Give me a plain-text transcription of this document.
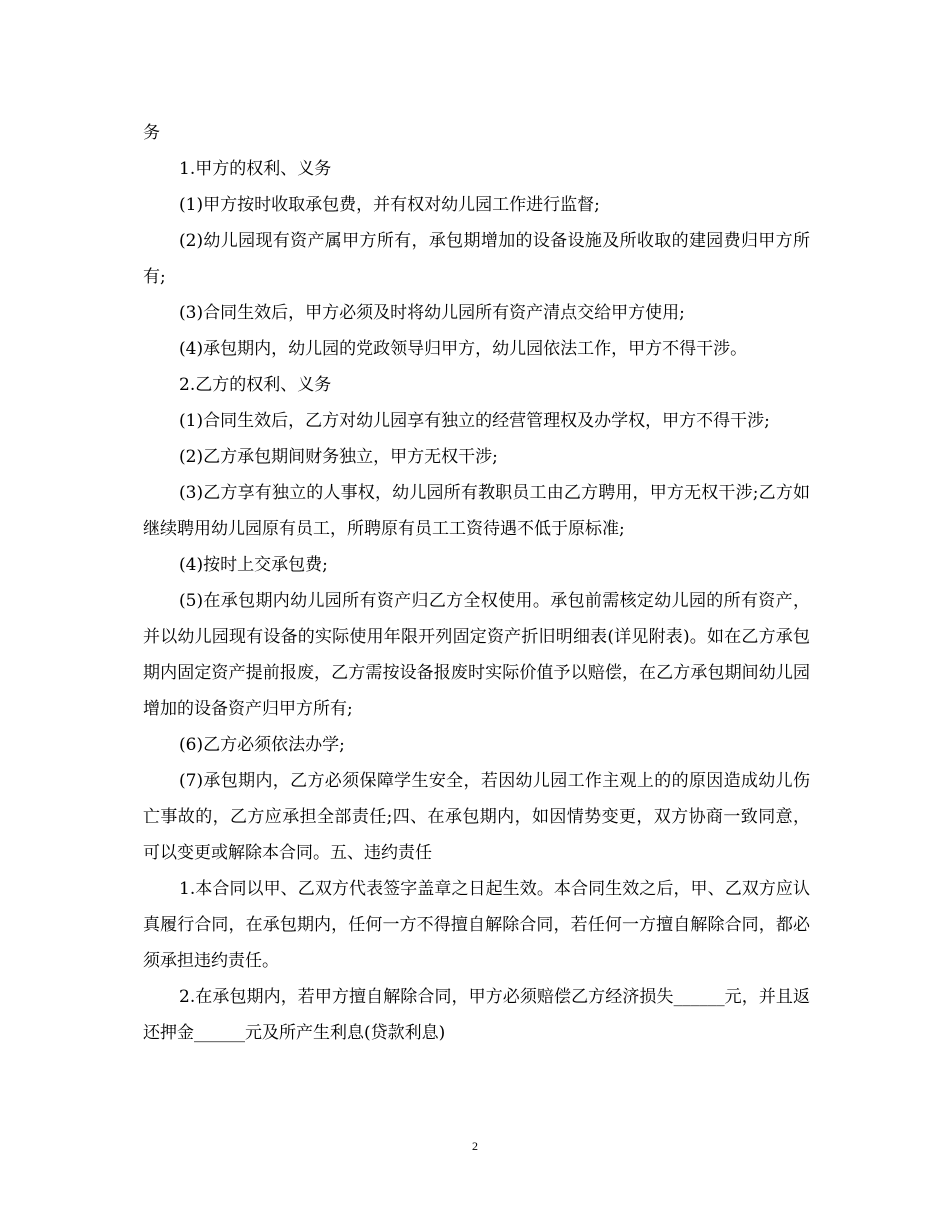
务

1.甲方的权利、义务

(1)甲方按时收取承包费，并有权对幼儿园工作进行监督;

(2)幼儿园现有资产属甲方所有，承包期增加的设备设施及所收取的建园费归甲方所有;

(3)合同生效后，甲方必须及时将幼儿园所有资产清点交给甲方使用;

(4)承包期内，幼儿园的党政领导归甲方，幼儿园依法工作，甲方不得干涉。

2.乙方的权利、义务

(1)合同生效后，乙方对幼儿园享有独立的经营管理权及办学权，甲方不得干涉;

(2)乙方承包期间财务独立，甲方无权干涉;

(3)乙方享有独立的人事权，幼儿园所有教职员工由乙方聘用，甲方无权干涉;乙方如继续聘用幼儿园原有员工，所聘原有员工工资待遇不低于原标准;

(4)按时上交承包费;

(5)在承包期内幼儿园所有资产归乙方全权使用。承包前需核定幼儿园的所有资产，并以幼儿园现有设备的实际使用年限开列固定资产折旧明细表(详见附表)。如在乙方承包期内固定资产提前报废，乙方需按设备报废时实际价值予以赔偿，在乙方承包期间幼儿园增加的设备资产归甲方所有;

(6)乙方必须依法办学;

(7)承包期内，乙方必须保障学生安全，若因幼儿园工作主观上的的原因造成幼儿伤亡事故的，乙方应承担全部责任;四、在承包期内，如因情势变更，双方协商一致同意，可以变更或解除本合同。五、违约责任

1.本合同以甲、乙双方代表签字盖章之日起生效。本合同生效之后，甲、乙双方应认真履行合同，在承包期内，任何一方不得擅自解除合同，若任何一方擅自解除合同，都必须承担违约责任。

2.在承包期内，若甲方擅自解除合同，甲方必须赔偿乙方经济损失______元，并且返还押金______元及所产生利息(贷款利息)

2
